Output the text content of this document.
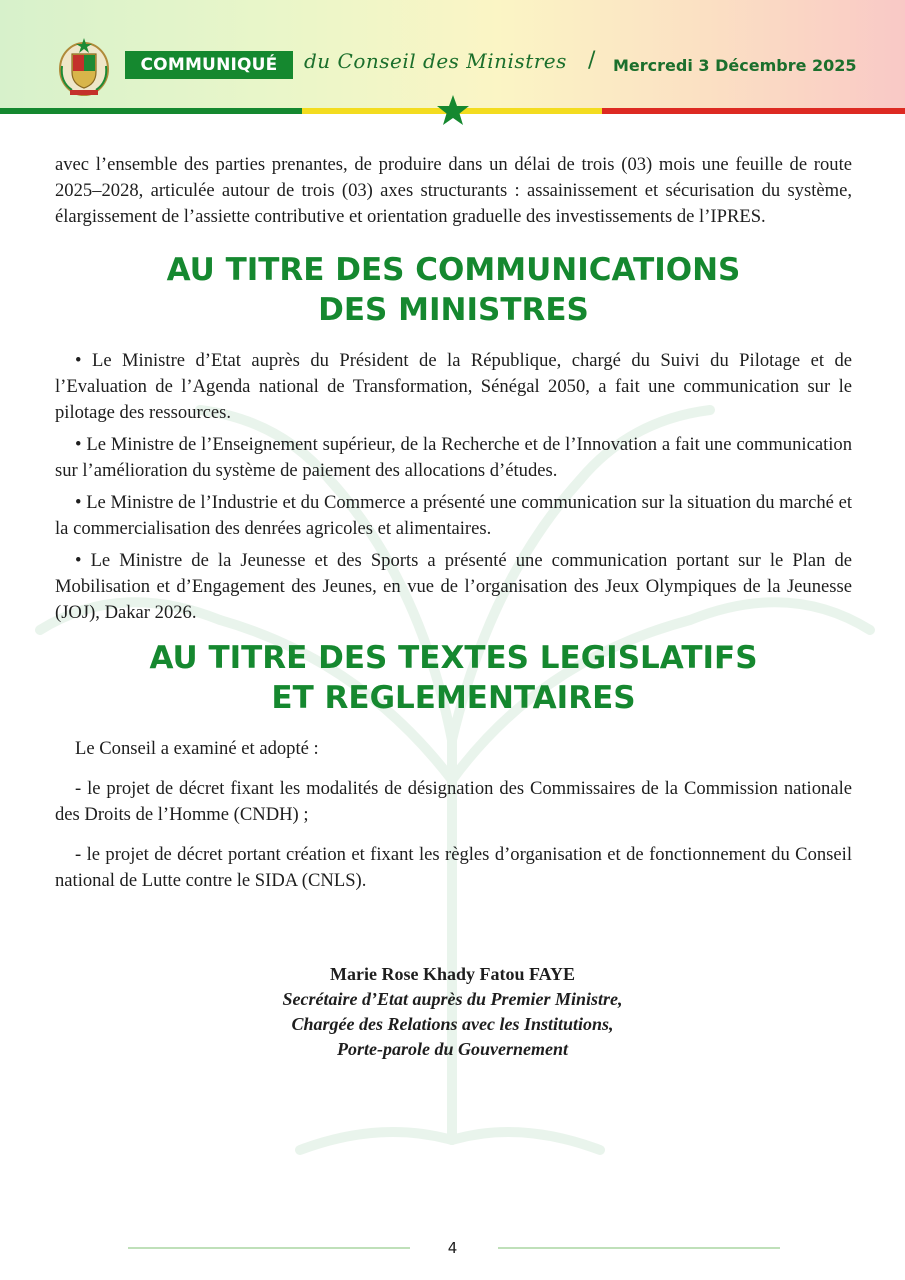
COMMUNIQUÉ	du Conseil des Ministres / Mercredi 3 Décembre 2025

avec l’ensemble des parties prenantes, de produire dans un délai de trois (03) mois une feuille de route 2025–2028, articulée autour de trois (03) axes structurants : assainissement et sécurisation du système, élargissement de l’assiette contributive et orientation graduelle des investissements de l’IPRES.

AU TITRE DES COMMUNICATIONS
DES MINISTRES

• Le Ministre d’Etat auprès du Président de la République, chargé du Suivi du Pilotage et de l’Evaluation de l’Agenda national de Transformation, Sénégal 2050, a fait une communication sur le pilotage des ressources.

• Le Ministre de l’Enseignement supérieur, de la Recherche et de l’Innovation a fait une communication sur l’amélioration du système de paiement des allocations d’études.

• Le Ministre de l’Industrie et du Commerce a présenté une communication sur la situation du marché et la commercialisation des denrées agricoles et alimentaires.

• Le Ministre de la Jeunesse et des Sports a présenté une communication portant sur le Plan de Mobilisation et d’Engagement des Jeunes, en vue de l’organisation des Jeux Olympiques de la Jeunesse (JOJ), Dakar 2026.

AU TITRE DES TEXTES LEGISLATIFS
ET REGLEMENTAIRES

Le Conseil a examiné et adopté :

- le projet de décret fixant les modalités de désignation des Commissaires de la Commission nationale des Droits de l’Homme (CNDH) ;

- le projet de décret portant création et fixant les règles d’organisation et de fonctionnement du Conseil national de Lutte contre le SIDA (CNLS).

Marie Rose Khady Fatou FAYE
Secrétaire d’Etat auprès du Premier Ministre,
Chargée des Relations avec les Institutions,
Porte-parole du Gouvernement
4
